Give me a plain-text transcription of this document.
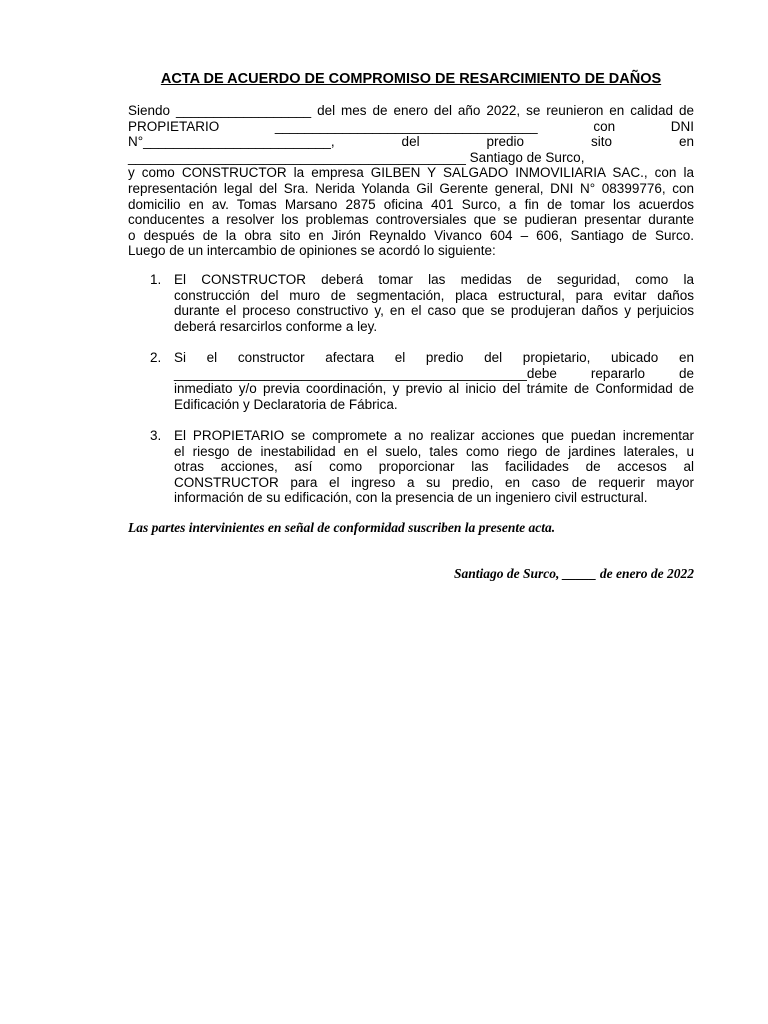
ACTA DE ACUERDO DE COMPROMISO DE RESARCIMIENTO DE DAÑOS
Siendo __________________ del mes de enero del año 2022, se reunieron en calidad de
PROPIETARIO ___________________________________ con DNI
N°_________________________, del predio sito en
_____________________________________________ Santiago de Surco,
y como CONSTRUCTOR la empresa GILBEN Y SALGADO INMOVILIARIA SAC., con la
representación legal del Sra. Nerida Yolanda Gil Gerente general, DNI N° 08399776, con
domicilio en av. Tomas Marsano 2875 oficina 401 Surco, a fin de tomar los acuerdos
conducentes a resolver los problemas controversiales que se pudieran presentar durante
o después de la obra sito en Jirón Reynaldo Vivanco 604 – 606, Santiago de Surco.
Luego de un intercambio de opiniones se acordó lo siguiente:
1. El CONSTRUCTOR deberá tomar las medidas de seguridad, como la
construcción del muro de segmentación, placa estructural, para evitar daños
durante el proceso constructivo y, en el caso que se produjeran daños y perjuicios
deberá resarcirlos conforme a ley.
2. Si el constructor afectara el predio del propietario, ubicado en
_______________________________________________debe repararlo de
inmediato y/o previa coordinación, y previo al inicio del trámite de Conformidad de
Edificación y Declaratoria de Fábrica.
3. El PROPIETARIO se compromete a no realizar acciones que puedan incrementar
el riesgo de inestabilidad en el suelo, tales como riego de jardines laterales, u
otras acciones, así como proporcionar las facilidades de accesos al
CONSTRUCTOR para el ingreso a su predio, en caso de requerir mayor
información de su edificación, con la presencia de un ingeniero civil estructural.
Las partes intervinientes en señal de conformidad suscriben la presente acta.
Santiago de Surco, _____ de enero de 2022
